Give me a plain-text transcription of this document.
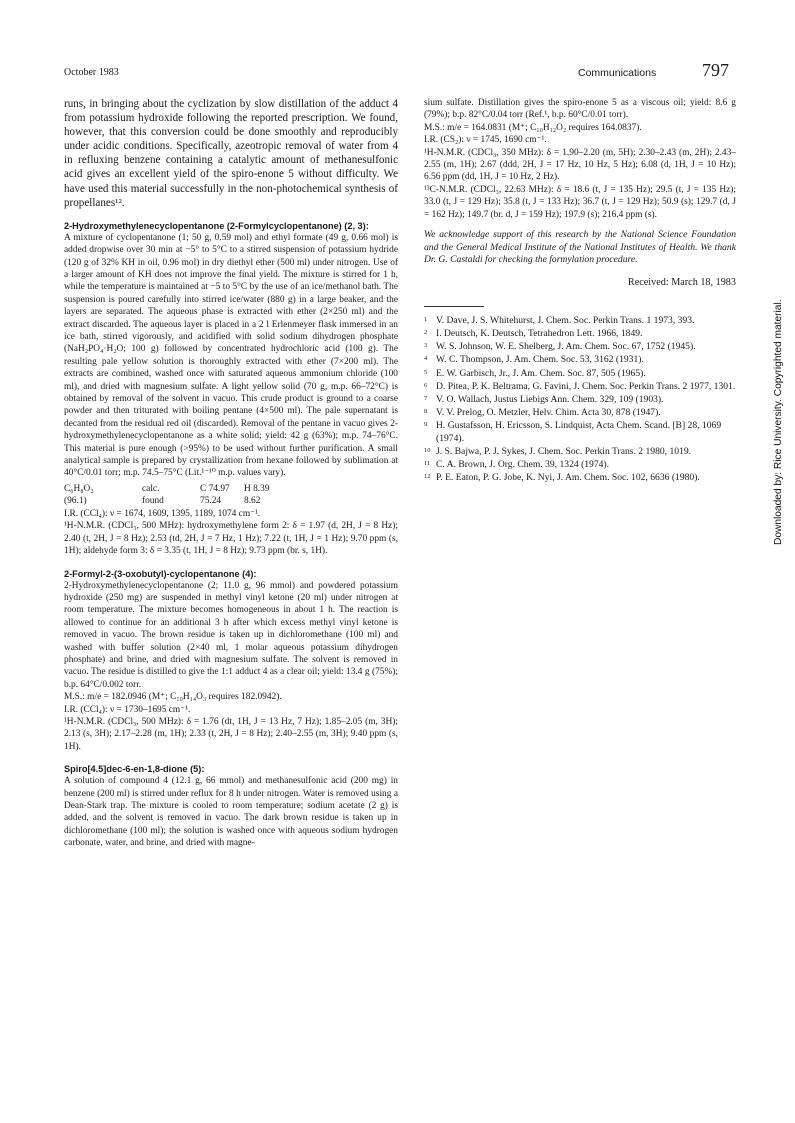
October 1983	Communications	797

runs, in bringing about the cyclization by slow distillation of the adduct 4 from potassium hydroxide following the reported prescription. We found, however, that this conversion could be done smoothly and reproducibly under acidic conditions. Specifically, azeotropic removal of water from 4 in refluxing benzene containing a catalytic amount of methanesulfonic acid gives an excellent yield of the spiro-enone 5 without difficulty. We have used this material successfully in the non-photochemical synthesis of propellanes¹².

2-Hydroxymethylenecyclopentanone (2-Formylcyclopentanone) (2, 3):

A mixture of cyclopentanone (1; 50 g, 0.59 mol) and ethyl formate (49 g, 0.66 mol) is added dropwise over 30 min at −5° to 5°C to a stirred suspension of potassium hydride (120 g of 32% KH in oil, 0.96 mol) in dry diethyl ether (500 ml) under nitrogen. Use of a larger amount of KH does not improve the final yield. The mixture is stirred for 1 h, while the temperature is maintained at −5 to 5°C by the use of an ice/methanol bath. The suspension is poured carefully into stirred ice/water (880 g) in a large beaker, and the layers are separated. The aqueous phase is extracted with ether (2×250 ml) and the extract discarded. The aqueous layer is placed in a 2 l Erlenmeyer flask immersed in an ice bath, stirred vigorously, and acidified with solid sodium dihydrogen phosphate (NaH₂PO₄·H₂O; 100 g) followed by concentrated hydrochloric acid (100 g). The resulting pale yellow solution is thoroughly extracted with ether (7×200 ml). The extracts are combined, washed once with saturated aqueous ammonium chloride (100 ml), and dried with magnesium sulfate. A light yellow solid (70 g, m.p. 66–72°C) is obtained by removal of the solvent in vacuo. This crude product is ground to a coarse powder and then triturated with boiling pentane (4×500 ml). The pale supernatant is decanted from the residual red oil (discarded). Removal of the pentane in vacuo gives 2-hydroxymethylenecyclopentanone as a white solid; yield: 42 g (63%); m.p. 74–76°C. This material is pure enough (>95%) to be used without further purification. A small analytical sample is prepared by crystallization from hexane followed by sublimation at 40°C/0.01 torr; m.p. 74.5–75°C (Lit.¹⁻¹⁰ m.p. values vary).

C₆H₈O₂	calc.	C 74.97	H 8.39
(96.1)	found	75.24	8.62

I.R. (CCl₄): ν = 1674, 1609, 1395, 1189, 1074 cm⁻¹.

¹H-N.M.R. (CDCl₃, 500 MHz): hydroxymethylene form 2: δ = 1.97 (d, 2H, J = 8 Hz); 2.40 (t, 2H, J = 8 Hz); 2.53 (td, 2H, J = 7 Hz, 1 Hz); 7.22 (t, 1H, J = 1 Hz); 9.70 ppm (s, 1H); aldehyde form 3: δ = 3.35 (t, 1H, J = 8 Hz); 9.73 ppm (br. s, 1H).

2-Formyl-2-(3-oxobutyl)-cyclopentanone (4):

2-Hydroxymethylenecyclopentanone (2; 11.0 g, 96 mmol) and powdered potassium hydroxide (250 mg) are suspended in methyl vinyl ketone (20 ml) under nitrogen at room temperature. The mixture becomes homogeneous in about 1 h. The reaction is allowed to continue for an additional 3 h after which excess methyl vinyl ketone is removed in vacuo. The brown residue is taken up in dichloromethane (100 ml) and washed with buffer solution (2×40 ml, 1 molar aqueous potassium dihydrogen phosphate) and brine, and dried with magnesium sulfate. The solvent is removed in vacuo. The residue is distilled to give the 1:1 adduct 4 as a clear oil; yield: 13.4 g (75%); b.p. 64°C/0.002 torr.

M.S.: m/e = 182.0946 (M⁺; C₁₀H₁₄O₃ requires 182.0942).

I.R. (CCl₄): ν = 1730–1695 cm⁻¹.

¹H-N.M.R. (CDCl₃, 500 MHz): δ = 1.76 (dt, 1H, J = 13 Hz, 7 Hz); 1.85–2.05 (m, 3H); 2.13 (s, 3H); 2.17–2.28 (m, 1H); 2.33 (t, 2H, J = 8 Hz); 2.40–2.55 (m, 3H); 9.40 ppm (s, 1H).

Spiro[4.5]dec-6-en-1,8-dione (5):

A solution of compound 4 (12.1 g, 66 mmol) and methanesulfonic acid (200 mg) in benzene (200 ml) is stirred under reflux for 8 h under nitrogen. Water is removed using a Dean-Stark trap. The mixture is cooled to room temperature; sodium acetate (2 g) is added, and the solvent is removed in vacuo. The dark brown residue is taken up in dichloromethane (100 ml); the solution is washed once with aqueous sodium hydrogen carbonate, water, and brine, and dried with magne-

sium sulfate. Distillation gives the spiro-enone 5 as a viscous oil; yield: 8.6 g (79%); b.p. 82°C/0.04 torr (Ref.¹, b.p. 60°C/0.01 torr).

M.S.: m/e = 164.0831 (M⁺; C₁₀H₁₂O₂ requires 164.0837).

I.R. (CS₂): ν = 1745, 1690 cm⁻¹.

¹H-N.M.R. (CDCl₃, 350 MHz): δ = 1.90–2.20 (m, 5H); 2.30–2.43 (m, 2H); 2.43–2.55 (m, 1H); 2.67 (ddd, 2H, J = 17 Hz, 10 Hz, 5 Hz); 6.08 (d, 1H, J = 10 Hz); 6.56 ppm (dd, 1H, J = 10 Hz, 2 Hz).

¹³C-N.M.R. (CDCl₃, 22.63 MHz): δ = 18.6 (t, J = 135 Hz); 29.5 (t, J = 135 Hz); 33.0 (t, J = 129 Hz); 35.8 (t, J = 133 Hz); 36.7 (t, J = 129 Hz); 50.9 (s); 129.7 (d, J = 162 Hz); 149.7 (br. d, J = 159 Hz); 197.9 (s); 216.4 ppm (s).

We acknowledge support of this research by the National Science Foundation and the General Medical Institute of the National Institutes of Health. We thank Dr. G. Castaldi for checking the formylation procedure.

Received: March 18, 1983

1 V. Dave, J. S. Whitehurst, J. Chem. Soc. Perkin Trans. 1 1973, 393.
2 I. Deutsch, K. Deutsch, Tetrahedron Lett. 1966, 1849.
3 W. S. Johnson, W. E. Shelberg, J. Am. Chem. Soc. 67, 1752 (1945).
4 W. C. Thompson, J. Am. Chem. Soc. 53, 3162 (1931).
5 E. W. Garbisch, Jr., J. Am. Chem. Soc. 87, 505 (1965).
6 D. Pitea, P. K. Beltrama, G. Favini, J. Chem. Soc. Perkin Trans. 2 1977, 1301.
7 V. O. Wallach, Justus Liebigs Ann. Chem. 329, 109 (1903).
8 V. V. Prelog, O. Metzler, Helv. Chim. Acta 30, 878 (1947).
9 H. Gustafsson, H. Ericsson, S. Lindquist, Acta Chem. Scand. [B] 28, 1069 (1974).
10 J. S. Bajwa, P. J. Sykes, J. Chem. Soc. Perkin Trans. 2 1980, 1019.
11 C. A. Brown, J. Org. Chem. 39, 1324 (1974).
12 P. E. Eaton, P. G. Jobe, K. Nyi, J. Am. Chem. Soc. 102, 6636 (1980).	Downloaded by: Rice University. Copyrighted material.
